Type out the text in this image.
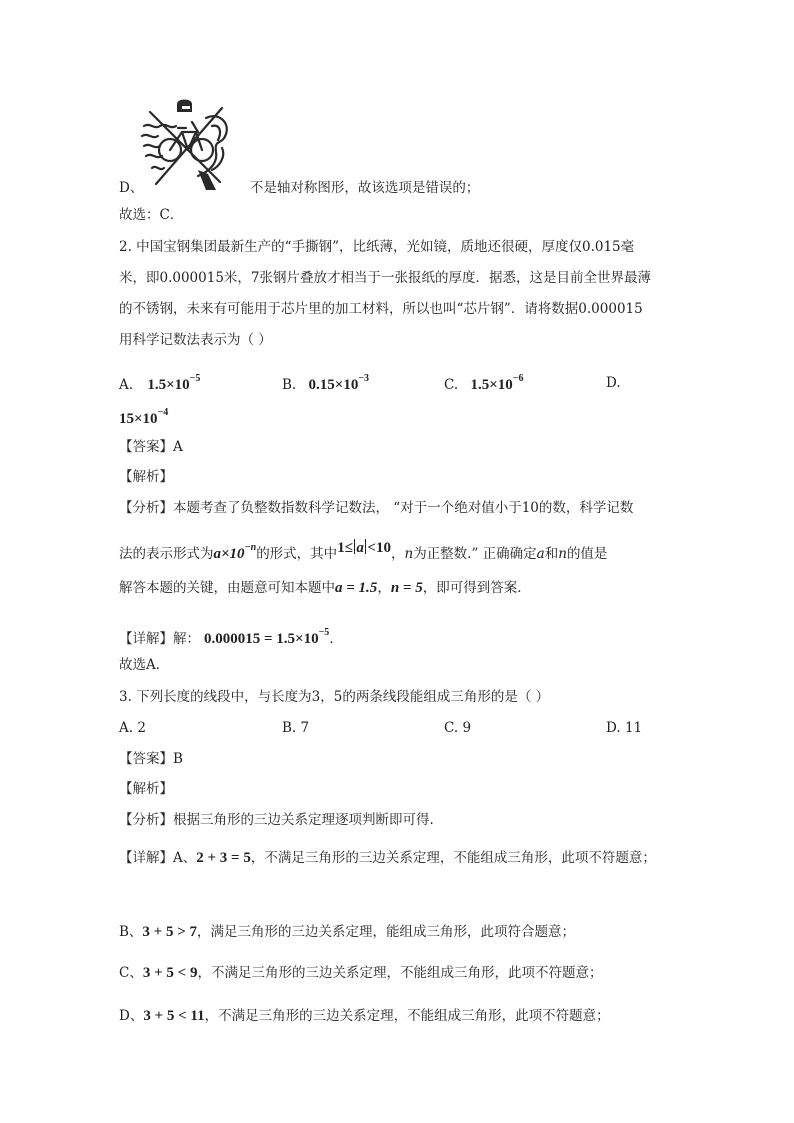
D、	不是轴对称图形，故该选项是错误的；
故选：C．
2. 中国宝钢集团最新生产的“手撕钢”，比纸薄，光如镜，质地还很硬，厚度仅0.015毫
米，即0.000015米，7张钢片叠放才相当于一张报纸的厚度．据悉，这是目前全世界最薄
的不锈钢，未来有可能用于芯片里的加工材料，所以也叫“芯片钢”．请将数据0.000015
用科学记数法表示为（ ）
A. $1.5\times 10^{-5}$	B. $0.15\times 10^{-3}$	C. $1.5\times 10^{-6}$	D.
$15\times 10^{-4}$
【答案】A
【解析】
【分析】本题考查了负整数指数科学记数法， “对于一个绝对值小于10的数，科学记数
法的表示形式为$a\times 10^{-n}$的形式，其中1≤ a <10，n为正整数.” 正确确定a和n的值是
解答本题的关键，由题意可知本题中a = 1.5，n = 5，即可得到答案．
【详解】解： $0.000015 = 1.5\times 10^{-5}$．
故选A．
3. 下列长度的线段中，与长度为3，5的两条线段能组成三角形的是（ ）
A. 2	B. 7	C. 9	D. 11
【答案】B
【解析】
【分析】根据三角形的三边关系定理逐项判断即可得．
【详解】A、2 + 3 = 5，不满足三角形的三边关系定理，不能组成三角形，此项不符题意；
B、3 + 5 > 7，满足三角形的三边关系定理，能组成三角形，此项符合题意；
C、3 + 5 < 9，不满足三角形的三边关系定理，不能组成三角形，此项不符题意；
D、3 + 5 < 11，不满足三角形的三边关系定理，不能组成三角形，此项不符题意；
